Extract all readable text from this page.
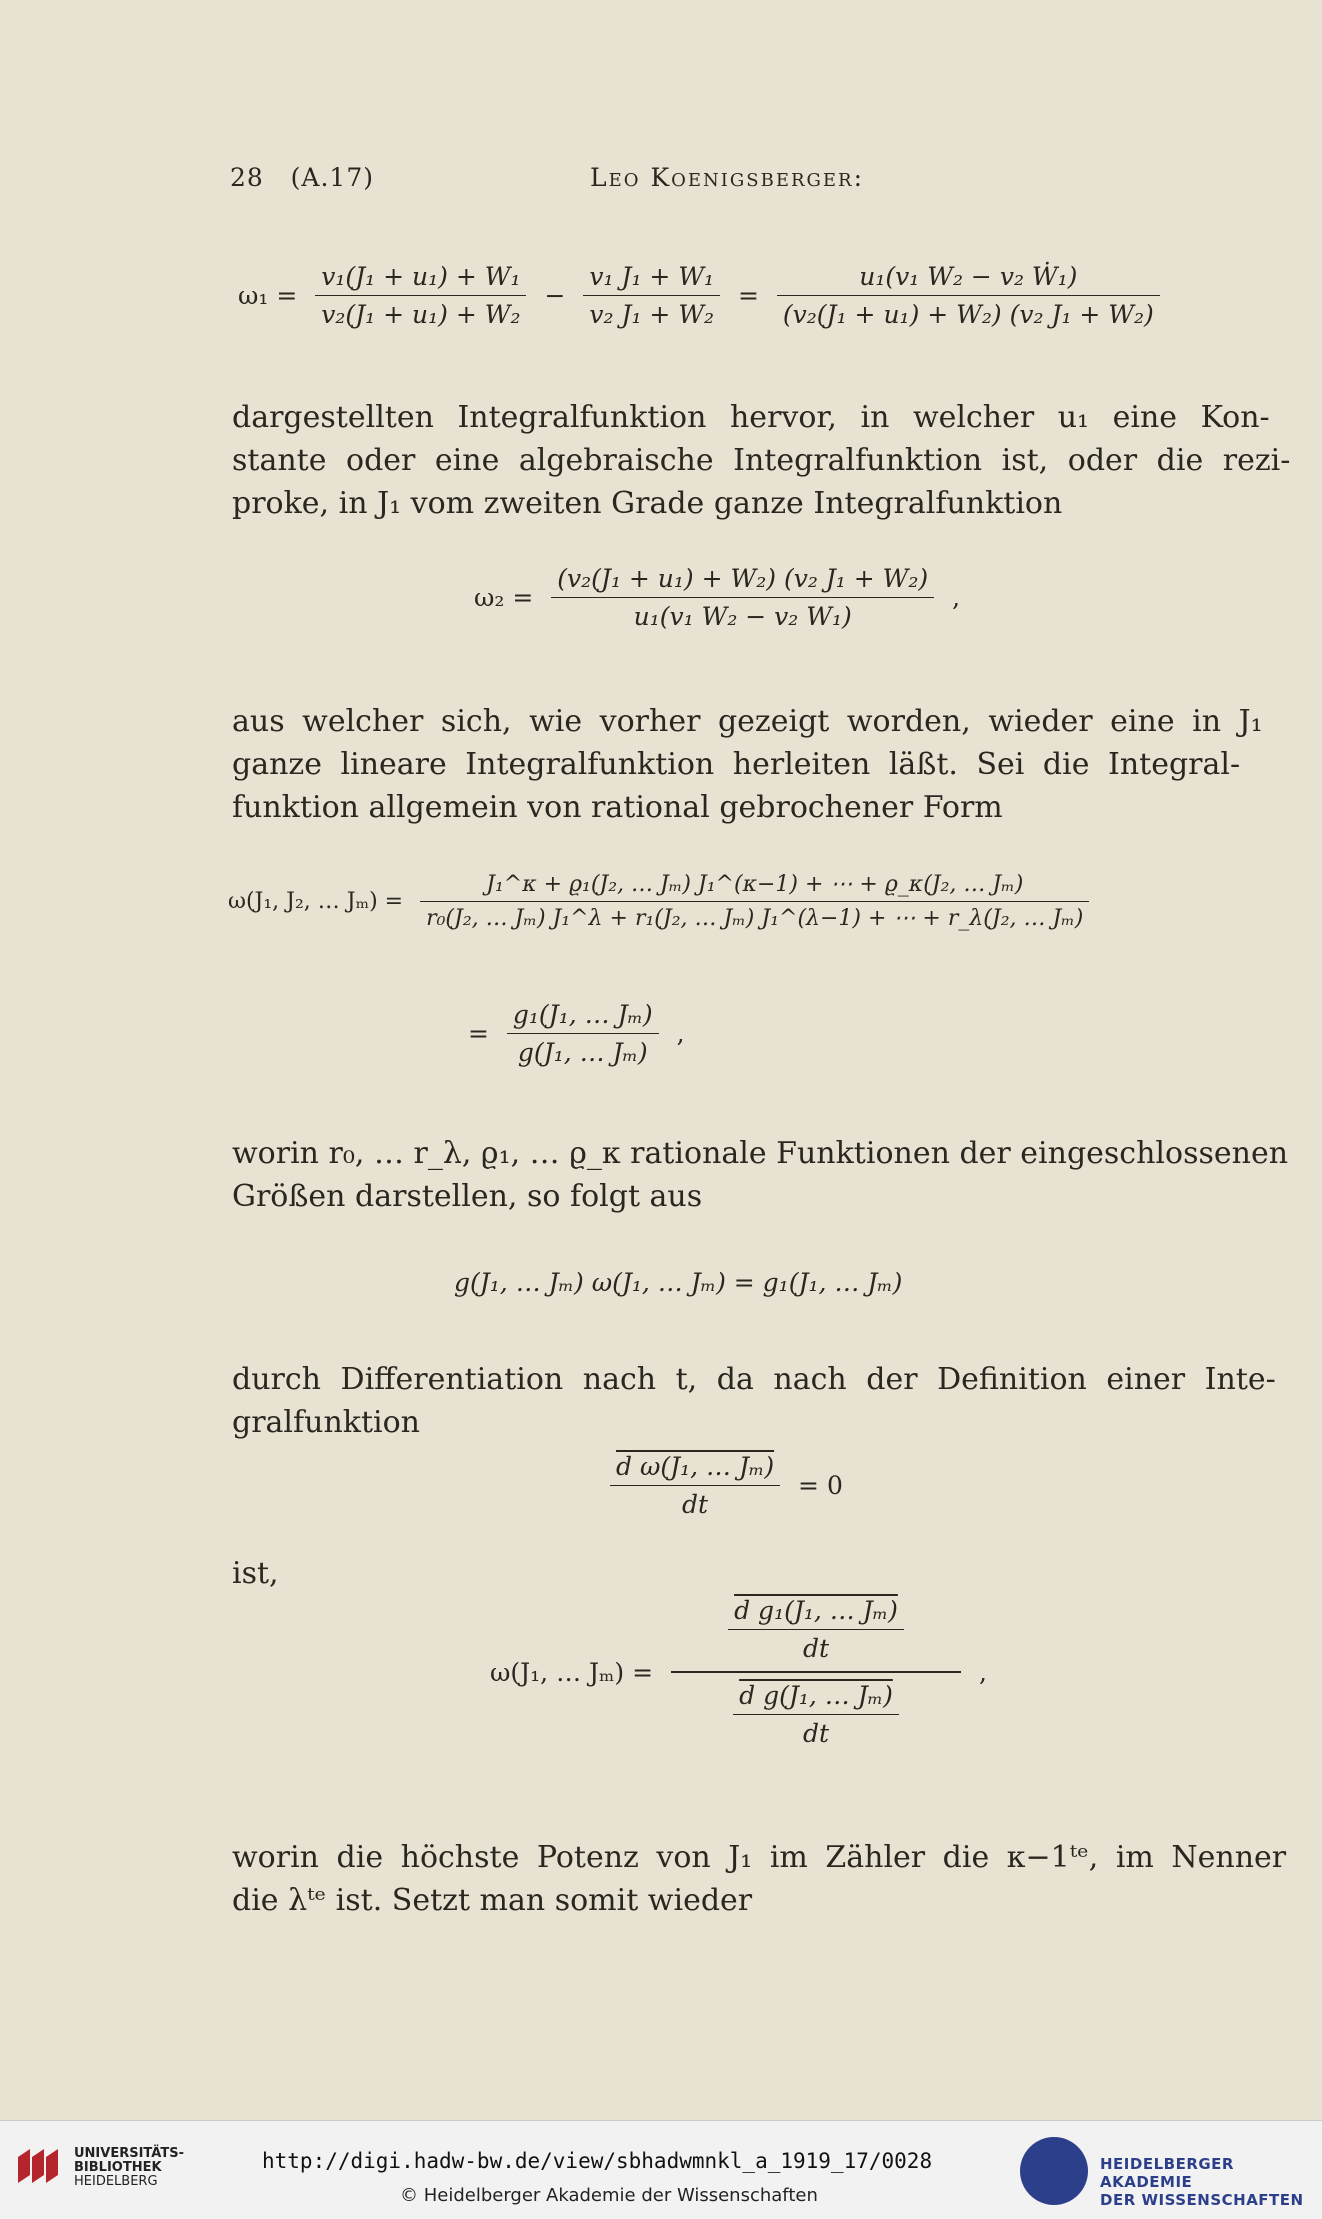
28 (A.17)	Leo Koenigsberger:
$\omega_1 = \frac{\text{v₁(J₁ + u₁) + W₁}}{\text{v₂(J₁ + u₁) + W₂}} - \frac{\text{v₁ J₁ + W₁}}{\text{v₂ J₁ + W₂}} = \frac{\text{u₁(v₁ W₂ − v₂ Ẇ₁)}}{\text{(v₂(J₁ + u₁) + W₂) (v₂ J₁ + W₂)}}$
dargestellten Integralfunktion hervor, in welcher u₁ eine Kon-
stante oder eine algebraische Integralfunktion ist, oder die rezi-
proke, in J₁ vom zweiten Grade ganze Integralfunktion
$\omega_2 = \frac{\text{(v₂(J₁ + u₁) + W₂) (v₂ J₁ + W₂)}}{\text{u₁(v₁ W₂ − v₂ W₁)}}$ ,
aus welcher sich, wie vorher gezeigt worden, wieder eine in J₁
ganze lineare Integralfunktion herleiten läßt. Sei die Integral-
funktion allgemein von rational gebrochener Form
ω(J₁, J₂, … Jₘ) =
J₁^κ + ϱ₁(J₂, … Jₘ) J₁^(κ−1) + ⋯ + ϱ_κ(J₂, … Jₘ)
r₀(J₂, … Jₘ) J₁^λ + r₁(J₂, … Jₘ) J₁^(λ−1) + ⋯ + r_λ(J₂, … Jₘ)
= $\frac{\text{g₁(J₁, … Jₘ)}}{\text{g(J₁, … Jₘ)}}$ ,
worin r₀, … r_λ, ϱ₁, … ϱ_κ rationale Funktionen der eingeschlossenen
Größen darstellen, so folgt aus
g(J₁, … Jₘ) ω(J₁, … Jₘ) = g₁(J₁, … Jₘ)
durch Differentiation nach t, da nach der Definition einer Inte-
gralfunktion
$\frac{\text{d ω(J₁, … Jₘ)}}{dt} = 0$
ist,
ω(J₁, … $J_m) = \frac{\frac{\text{d g₁(J₁, … Jₘ)}}{dt}}{\frac{\text{d g(J₁, … Jₘ)}}{dt}}$ ,
worin die höchste Potenz von J₁ im Zähler die κ−1ᵗᵉ, im Nenner
die λᵗᵉ ist. Setzt man somit wieder
UNIVERSITÄTS-
BIBLIOTHEK
HEIDELBERG
http://digi.hadw-bw.de/view/sbhadwmnkl_a_1919_17/0028
© Heidelberger Akademie der Wissenschaften
HEIDELBERGER AKADEMIE
DER WISSENSCHAFTEN
